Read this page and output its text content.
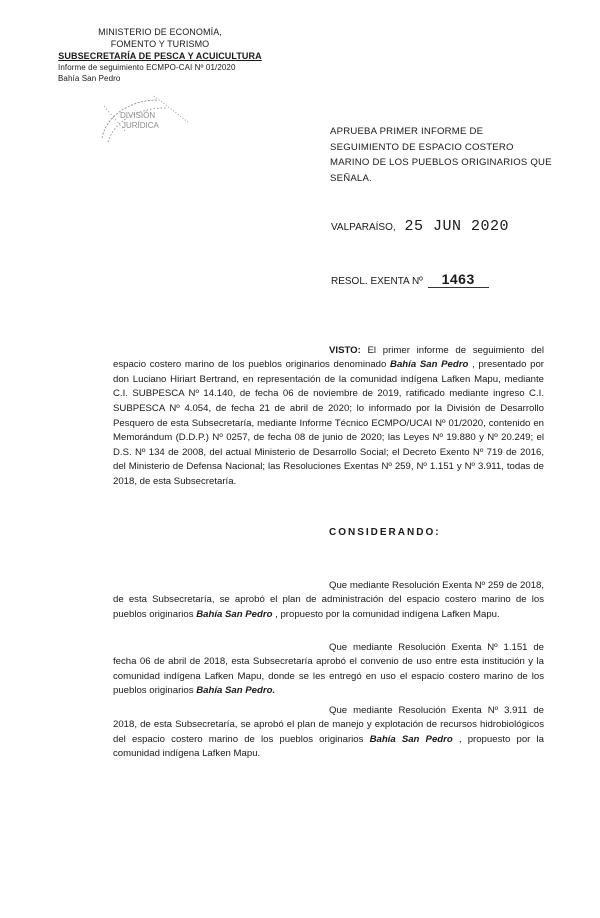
MINISTERIO DE ECONOMÍA,
FOMENTO Y TURISMO
SUBSECRETARÍA DE PESCA Y ACUICULTURA
Informe de seguimiento ECMPO-CAI Nº 01/2020
Bahía San Pedro
DIVISIÓN
JURÍDICA
APRUEBA PRIMER INFORME DE SEGUIMIENTO DE ESPACIO COSTERO MARINO DE LOS PUEBLOS ORIGINARIOS QUE SEÑALA.
VALPARAÍSO, 25 JUN 2020
RESOL. EXENTA Nº 1463

VISTO: El primer informe de seguimiento del espacio costero marino de los pueblos originarios denominado Bahía San Pedro , presentado por don Luciano Hiriart Bertrand, en representación de la comunidad indígena Lafken Mapu, mediante C.I. SUBPESCA Nº 14.140, de fecha 06 de noviembre de 2019, ratificado mediante ingreso C.I. SUBPESCA Nº 4.054, de fecha 21 de abril de 2020; lo informado por la División de Desarrollo Pesquero de esta Subsecretaría, mediante Informe Técnico ECMPO/UCAI Nº 01/2020, contenido en Memorándum (D.D.P.) Nº 0257, de fecha 08 de junio de 2020; las Leyes Nº 19.880 y Nº 20.249; el D.S. Nº 134 de 2008, del actual Ministerio de Desarrollo Social; el Decreto Exento Nº 719 de 2016, del Ministerio de Defensa Nacional; las Resoluciones Exentas Nº 259, Nº 1.151 y Nº 3.911, todas de 2018, de esta Subsecretaría.

CONSIDERANDO:

Que mediante Resolución Exenta Nº 259 de 2018, de esta Subsecretaría, se aprobó el plan de administración del espacio costero marino de los pueblos originarios Bahía San Pedro , propuesto por la comunidad indígena Lafken Mapu.

Que mediante Resolución Exenta Nº 1.151 de fecha 06 de abril de 2018, esta Subsecretaría aprobó el convenio de uso entre esta institución y la comunidad indígena Lafken Mapu, donde se les entregó en uso el espacio costero marino de los pueblos originarios Bahía San Pedro.

Que mediante Resolución Exenta Nº 3.911 de 2018, de esta Subsecretaría, se aprobó el plan de manejo y explotación de recursos hidrobiológicos del espacio costero marino de los pueblos originarios Bahía San Pedro , propuesto por la comunidad indígena Lafken Mapu.
